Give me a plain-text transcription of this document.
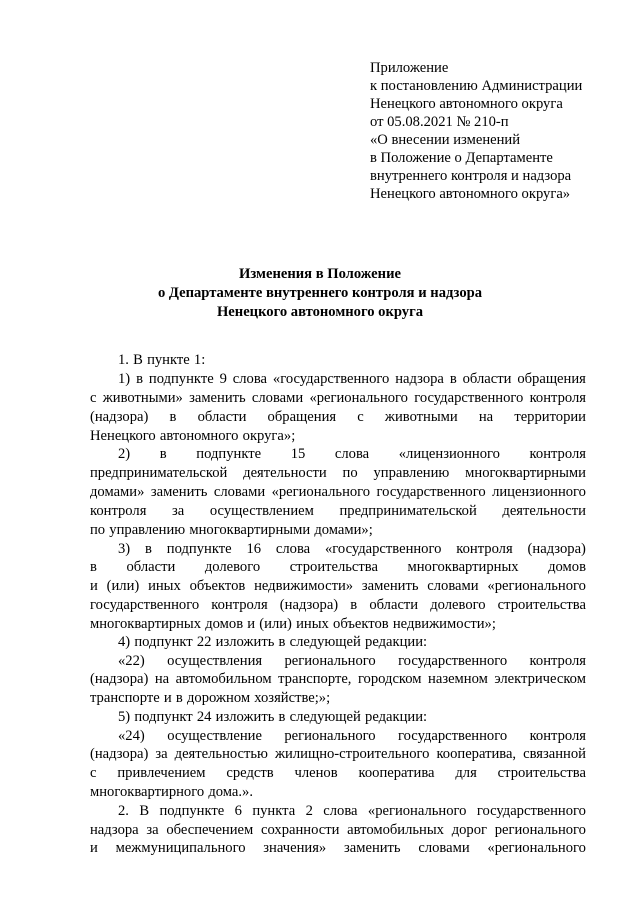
Приложение
к постановлению Администрации
Ненецкого автономного округа
от 05.08.2021 № 210-п
«О внесении изменений
в Положение о Департаменте
внутреннего контроля и надзора
Ненецкого автономного округа»
Изменения в Положение
о Департаменте внутреннего контроля и надзора
Ненецкого автономного округа
1. В пункте 1:
1) в подпункте 9 слова «государственного надзора в области обращения
с животными» заменить словами «регионального государственного контроля
(надзора) в области обращения с животными на территории
Ненецкого автономного округа»;
2) в подпункте 15 слова «лицензионного контроля
предпринимательской деятельности по управлению многоквартирными
домами» заменить словами «регионального государственного лицензионного
контроля за осуществлением предпринимательской деятельности
по управлению многоквартирными домами»;
3) в подпункте 16 слова «государственного контроля (надзора)
в области долевого строительства многоквартирных домов
и (или) иных объектов недвижимости» заменить словами «регионального
государственного контроля (надзора) в области долевого строительства
многоквартирных домов и (или) иных объектов недвижимости»;
4) подпункт 22 изложить в следующей редакции:
«22) осуществления регионального государственного контроля
(надзора) на автомобильном транспорте, городском наземном электрическом
транспорте и в дорожном хозяйстве;»;
5) подпункт 24 изложить в следующей редакции:
«24) осуществление регионального государственного контроля
(надзора) за деятельностью жилищно-строительного кооператива, связанной
с привлечением средств членов кооператива для строительства
многоквартирного дома.».
2. В подпункте 6 пункта 2 слова «регионального государственного
надзора за обеспечением сохранности автомобильных дорог регионального
и межмуниципального значения» заменить словами «регионального
